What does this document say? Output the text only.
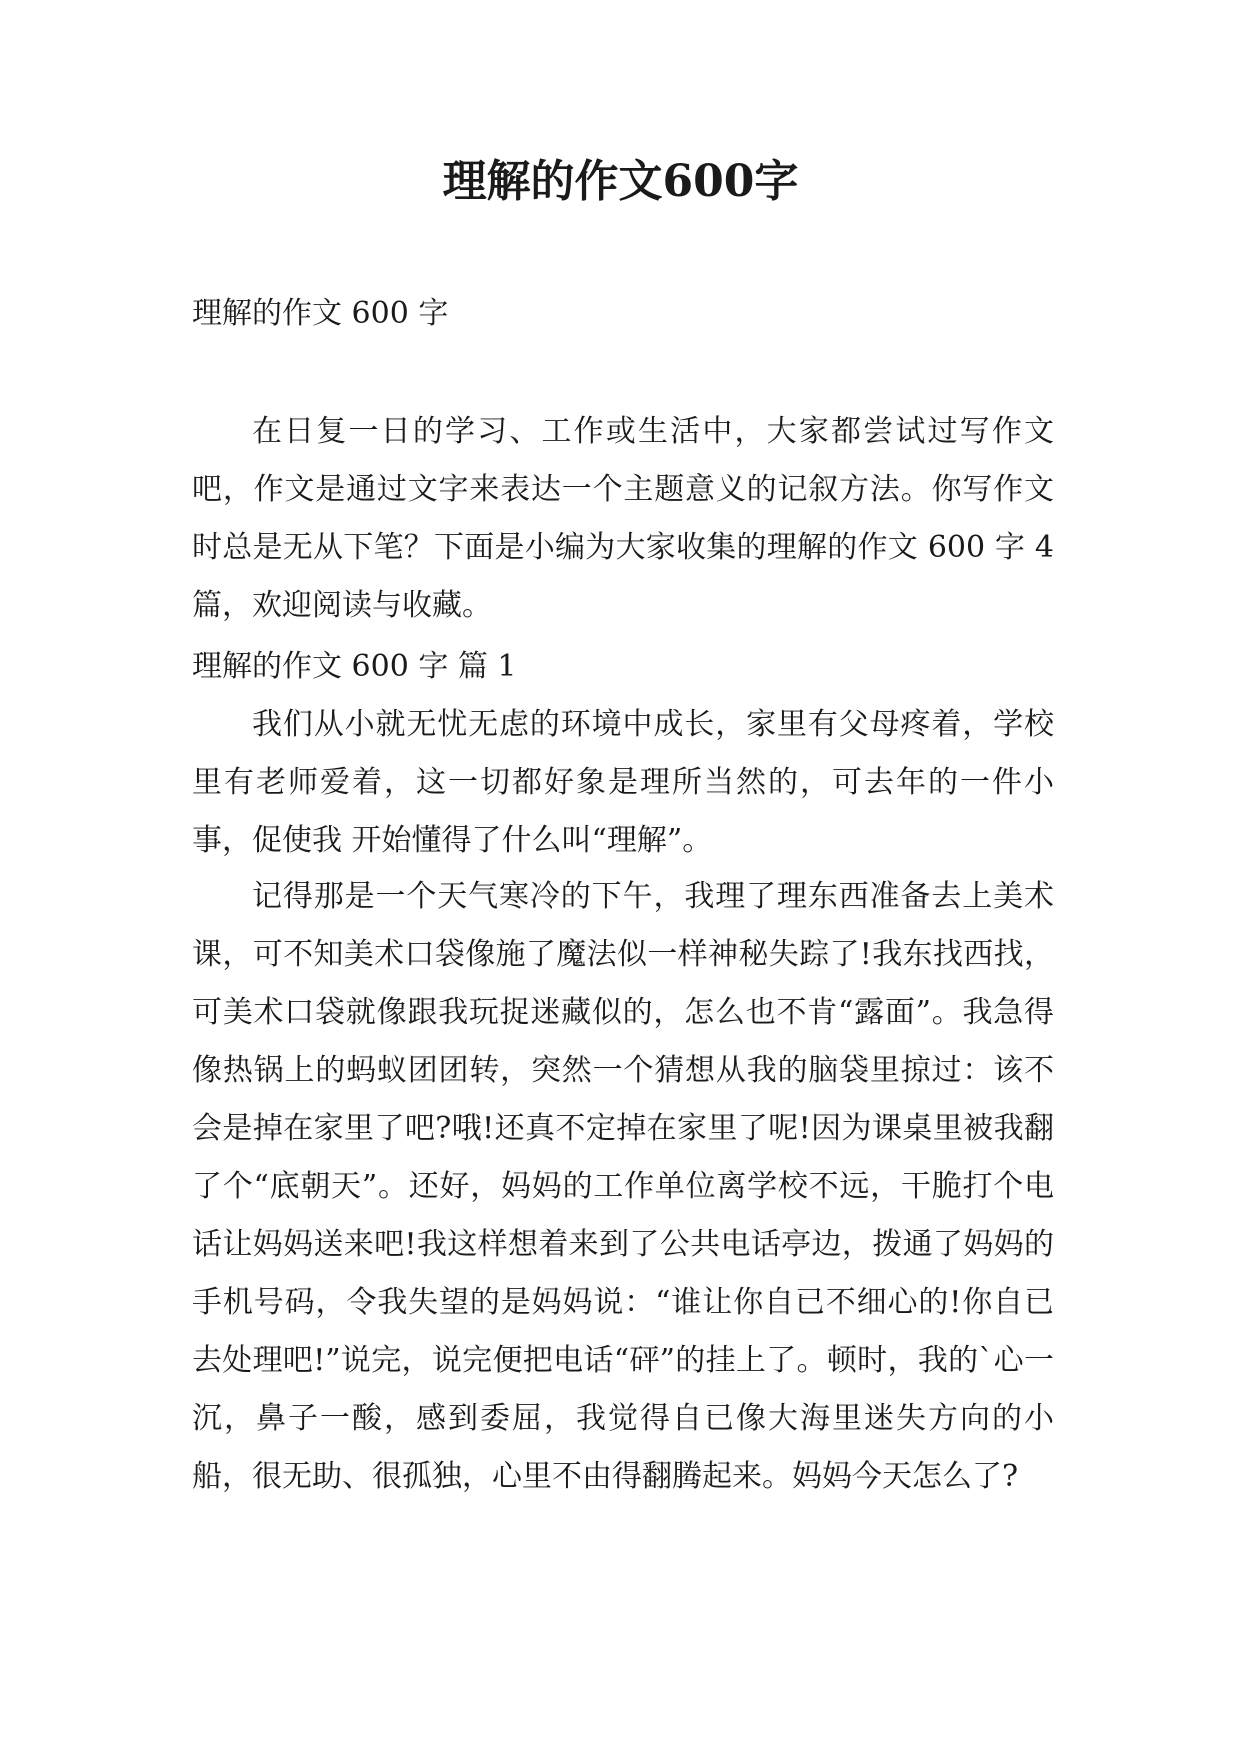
理解的作文600字

理解的作文 600 字

在日复一日的学习、工作或生活中，大家都尝试过写作文吧，作文是通过文字来表达一个主题意义的记叙方法。你写作文时总是无从下笔？下面是小编为大家收集的理解的作文 600 字 4 篇，欢迎阅读与收藏。

理解的作文 600 字 篇 1

我们从小就无忧无虑的环境中成长，家里有父母疼着，学校里有老师爱着，这一切都好象是理所当然的，可去年的一件小事，促使我 开始懂得了什么叫“理解”。

记得那是一个天气寒冷的下午，我理了理东西准备去上美术课，可不知美术口袋像施了魔法似一样神秘失踪了!我东找西找，可美术口袋就像跟我玩捉迷藏似的，怎么也不肯“露面”。我急得像热锅上的蚂蚁团团转，突然一个猜想从我的脑袋里掠过：该不会是掉在家里了吧?哦!还真不定掉在家里了呢!因为课桌里被我翻了个“底朝天”。还好，妈妈的工作单位离学校不远，干脆打个电话让妈妈送来吧!我这样想着来到了公共电话亭边，拨通了妈妈的手机号码，令我失望的是妈妈说：“谁让你自已不细心的!你自已去处理吧!”说完，说完便把电话“砰”的挂上了。顿时，我的`心一沉，鼻子一酸，感到委屈，我觉得自已像大海里迷失方向的小船，很无助、很孤独，心里不由得翻腾起来。妈妈今天怎么了?
